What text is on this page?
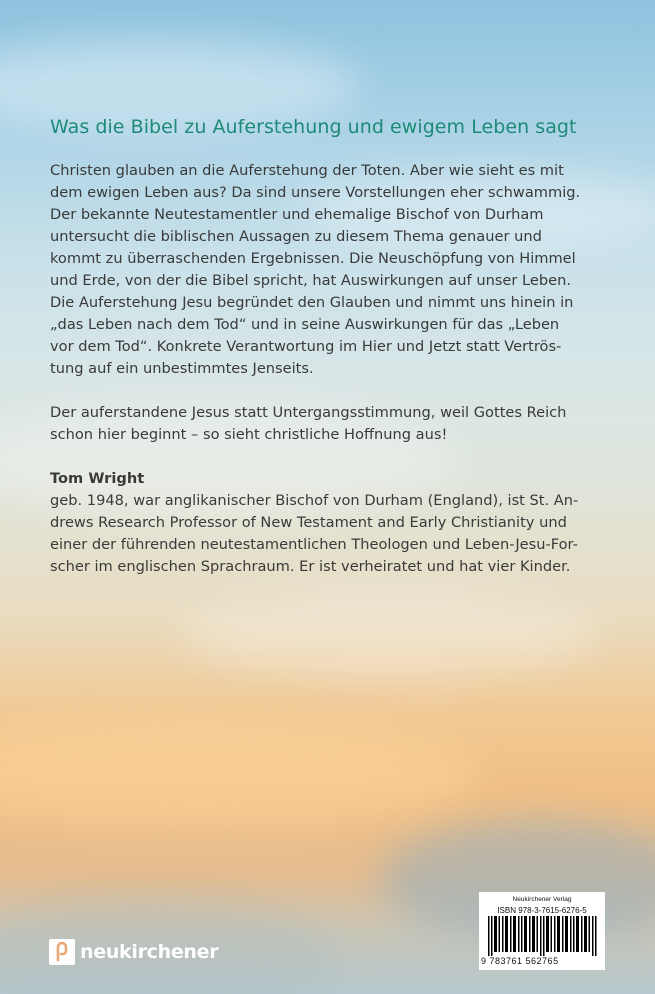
Was die Bibel zu Auferstehung und ewigem Leben sagt

Christen glauben an die Auferstehung der Toten. Aber wie sieht es mit
dem ewigen Leben aus? Da sind unsere Vorstellungen eher schwammig.
Der bekannte Neutestamentler und ehemalige Bischof von Durham
untersucht die biblischen Aussagen zu diesem Thema genauer und
kommt zu überraschenden Ergebnissen. Die Neuschöpfung von Himmel
und Erde, von der die Bibel spricht, hat Auswirkungen auf unser Leben.
Die Auferstehung Jesu begründet den Glauben und nimmt uns hinein in
„das Leben nach dem Tod“ und in seine Auswirkungen für das „Leben
vor dem Tod“. Konkrete Verantwortung im Hier und Jetzt statt Vertrös-
tung auf ein unbestimmtes Jenseits.

Der auferstandene Jesus statt Untergangsstimmung, weil Gottes Reich
schon hier beginnt – so sieht christliche Hoffnung aus!

Tom Wright

geb. 1948, war anglikanischer Bischof von Durham (England), ist St. An-
drews Research Professor of New Testament and Early Christianity und
einer der führenden neutestamentlichen Theologen und Leben-Jesu-For-
scher im englischen Sprachraum. Er ist verheiratet und hat vier Kinder.

neukirchener
Neukirchener Verlag
ISBN 978-3-7615-6276-5
9 783761 562765
